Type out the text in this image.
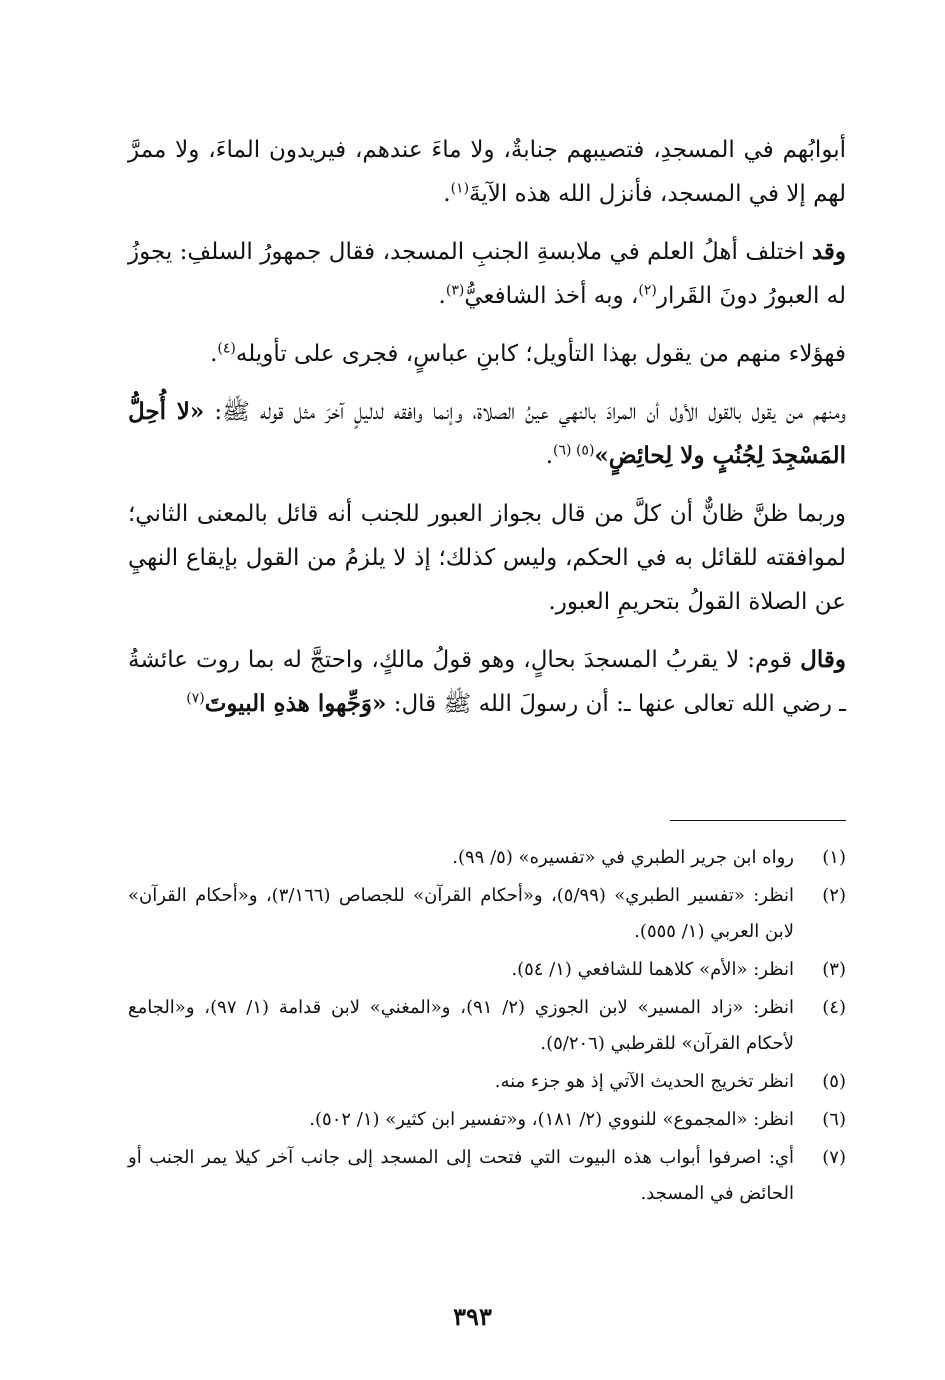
أبوابُهم في المسجدِ، فتصيبهم جنابةٌ، ولا ماءَ عندهم، فيريدون الماءَ، ولا ممرَّ لهم إلا في المسجد، فأنزل الله هذه الآيةَ$^{(١)}$.

وقد اختلف أهلُ العلم في ملابسةِ الجنبِ المسجد، فقال جمهورُ السلفِ: يجوزُ له العبورُ دونَ القَرار$^{(٢)}$، وبه أخذ الشافعيُّ$^{(٣)}$.

فهؤلاء منهم من يقول بهذا التأويل؛ كابنِ عباسٍ، فجرى على تأويله$^{(٤)}$.

ومنهم من يقول بالقول الأول أن المرادَ بالنهي عينُ الصلاة، وإنما وافقه لدليلٍ آخرَ مثل قوله ﷺ: «لا أُحِلُّ المَسْجِدَ لِجُنُبٍ ولا لِحائِضٍ»$^{(٥) (٦)}$.

وربما ظنَّ ظانٌّ أن كلَّ من قال بجواز العبور للجنب أنه قائل بالمعنى الثاني؛ لموافقته للقائل به في الحكم، وليس كذلك؛ إذ لا يلزمُ من القول بإيقاع النهيِ عن الصلاة القولُ بتحريمِ العبور.

وقال قوم: لا يقربُ المسجدَ بحالٍ، وهو قولُ مالكٍ، واحتجَّ له بما روت عائشةُ ـ رضي الله تعالى عنها ـ: أن رسولَ الله ﷺ قال: «وَجِّهوا هذهِ البيوتَ$^{(٧)}$

(١)
رواه ابن جرير الطبري في «تفسيره» (٥/ ٩٩).
(٢)
انظر: «تفسير الطبري» (٥/٩٩)، و«أحكام القرآن» للجصاص (٣/١٦٦)، و«أحكام القرآن» لابن العربي (١/ ٥٥٥).
(٣)
انظر: «الأم» كلاهما للشافعي (١/ ٥٤).
(٤)
انظر: «زاد المسير» لابن الجوزي (٢/ ٩١)، و«المغني» لابن قدامة (١/ ٩٧)، و«الجامع لأحكام القرآن» للقرطبي (٥/٢٠٦).
(٥)
انظر تخريج الحديث الآتي إذ هو جزء منه.
(٦)
انظر: «المجموع» للنووي (٢/ ١٨١)، و«تفسير ابن كثير» (١/ ٥٠٢).
(٧)
أي: اصرفوا أبواب هذه البيوت التي فتحت إلى المسجد إلى جانب آخر كيلا يمر الجنب أو الحائض في المسجد.
٣٩٣
